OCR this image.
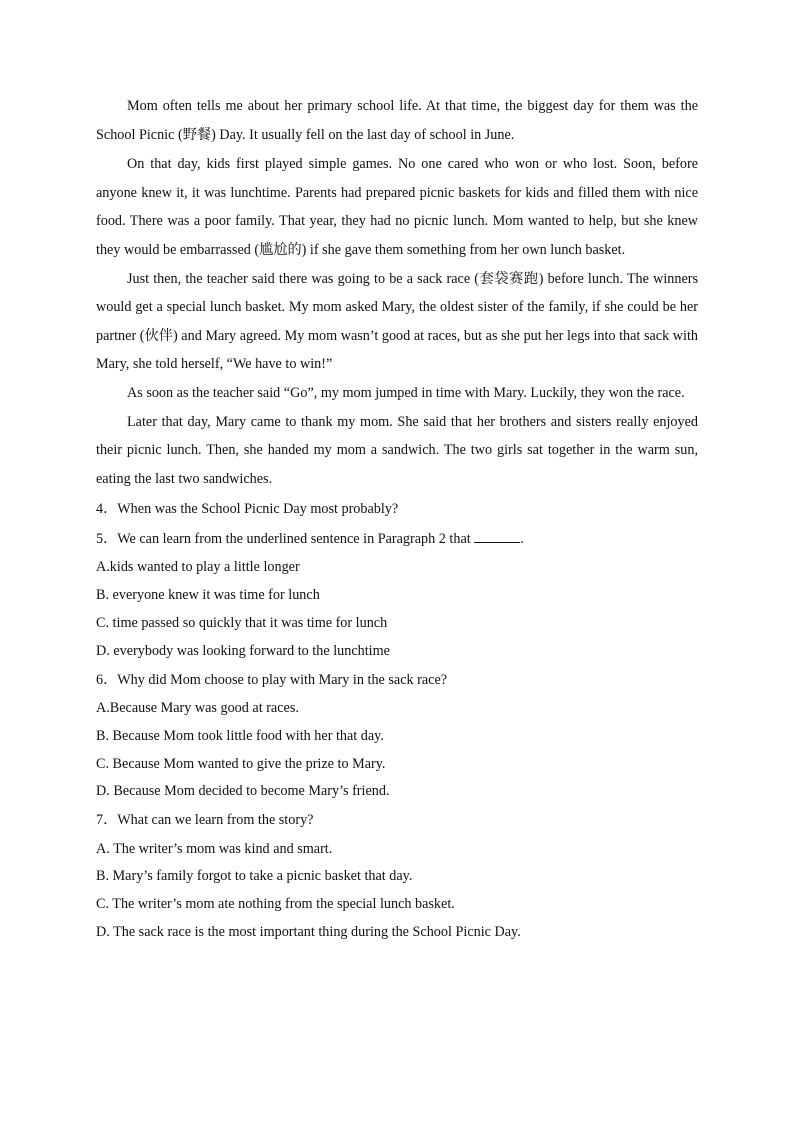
Mom often tells me about her primary school life. At that time, the biggest day for them was the School Picnic (野餐) Day. It usually fell on the last day of school in June.

On that day, kids first played simple games. No one cared who won or who lost. Soon, before anyone knew it, it was lunchtime. Parents had prepared picnic baskets for kids and filled them with nice food. There was a poor family. That year, they had no picnic lunch. Mom wanted to help, but she knew they would be embarrassed (尴尬的) if she gave them something from her own lunch basket.

Just then, the teacher said there was going to be a sack race (套袋赛跑) before lunch. The winners would get a special lunch basket. My mom asked Mary, the oldest sister of the family, if she could be her partner (伙伴) and Mary agreed. My mom wasn’t good at races, but as she put her legs into that sack with Mary, she told herself, “We have to win!”

As soon as the teacher said “Go”, my mom jumped in time with Mary. Luckily, they won the race.

Later that day, Mary came to thank my mom. She said that her brothers and sisters really enjoyed their picnic lunch. Then, she handed my mom a sandwich. The two girls sat together in the warm sun, eating the last two sandwiches.

4．When was the School Picnic Day most probably?

5．We can learn from the underlined sentence in Paragraph 2 that	.

A.kids wanted to play a little longer

B. everyone knew it was time for lunch

C. time passed so quickly that it was time for lunch

D. everybody was looking forward to the lunchtime

6．Why did Mom choose to play with Mary in the sack race?

A.Because Mary was good at races.

B. Because Mom took little food with her that day.

C. Because Mom wanted to give the prize to Mary.

D. Because Mom decided to become Mary’s friend.

7．What can we learn from the story?

A. The writer’s mom was kind and smart.

B. Mary’s family forgot to take a picnic basket that day.

C. The writer’s mom ate nothing from the special lunch basket.

D. The sack race is the most important thing during the School Picnic Day.
